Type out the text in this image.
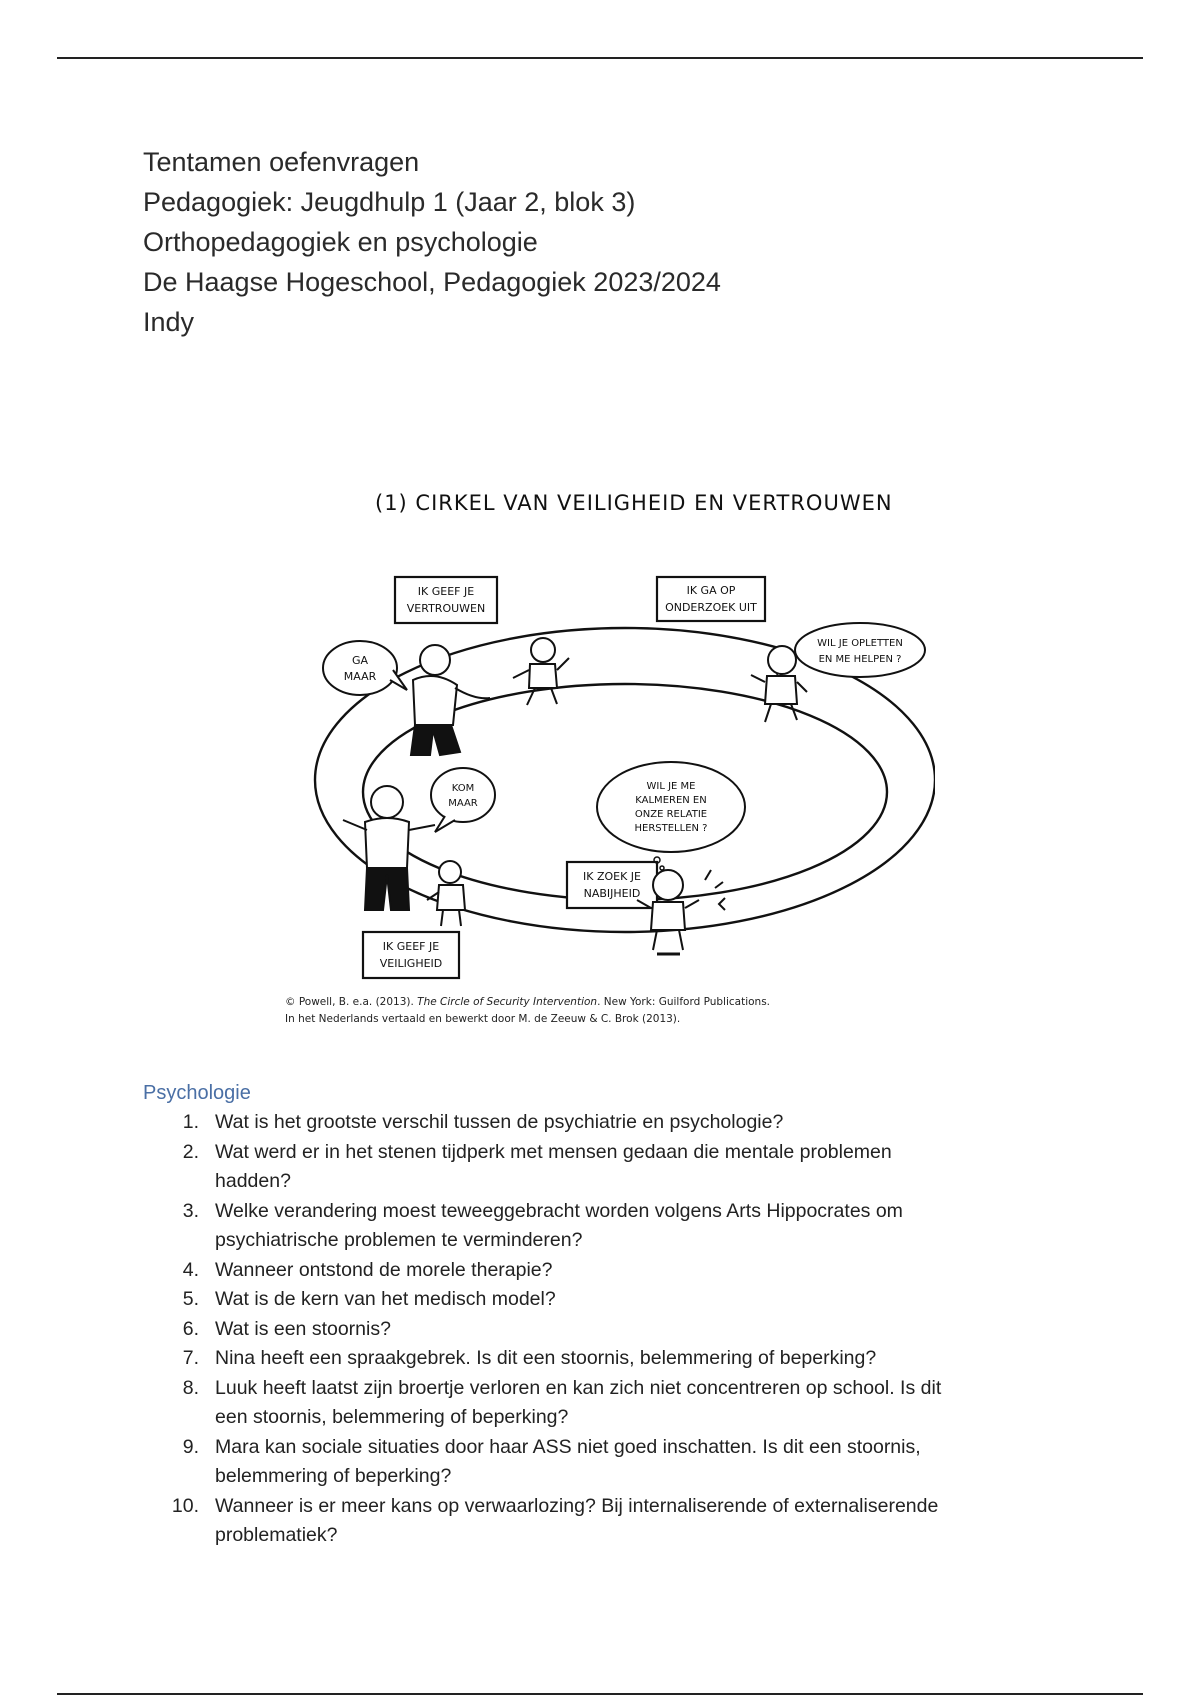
Tentamen oefenvragen
Pedagogiek: Jeugdhulp 1 (Jaar 2, blok 3)
Orthopedagogiek en psychologie
De Haagse Hogeschool, Pedagogiek 2023/2024
Indy
(1) CIRKEL VAN VEILIGHEID EN VERTROUWEN
IK GEEF JE
VERTROUWEN
IK GA OP
ONDERZOEK UIT
IK ZOEK JE
NABIJHEID
IK GEEF JE
VEILIGHEID
GA
MAAR
WIL JE OPLETTEN
EN ME HELPEN ?
KOM
MAAR
WIL JE ME
KALMEREN EN
ONZE RELATIE
HERSTELLEN ?
© Powell, B. e.a. (2013). The Circle of Security Intervention. New York: Guilford Publications.
In het Nederlands vertaald en bewerkt door M. de Zeeuw & C. Brok (2013).
Psychologie
1. Wat is het grootste verschil tussen de psychiatrie en psychologie?
2. Wat werd er in het stenen tijdperk met mensen gedaan die mentale problemen
hadden?
3. Welke verandering moest teweeggebracht worden volgens Arts Hippocrates om
psychiatrische problemen te verminderen?
4. Wanneer ontstond de morele therapie?
5. Wat is de kern van het medisch model?
6. Wat is een stoornis?
7. Nina heeft een spraakgebrek. Is dit een stoornis, belemmering of beperking?
8. Luuk heeft laatst zijn broertje verloren en kan zich niet concentreren op school. Is dit
een stoornis, belemmering of beperking?
9. Mara kan sociale situaties door haar ASS niet goed inschatten. Is dit een stoornis,
belemmering of beperking?
10. Wanneer is er meer kans op verwaarlozing? Bij internaliserende of externaliserende
problematiek?
